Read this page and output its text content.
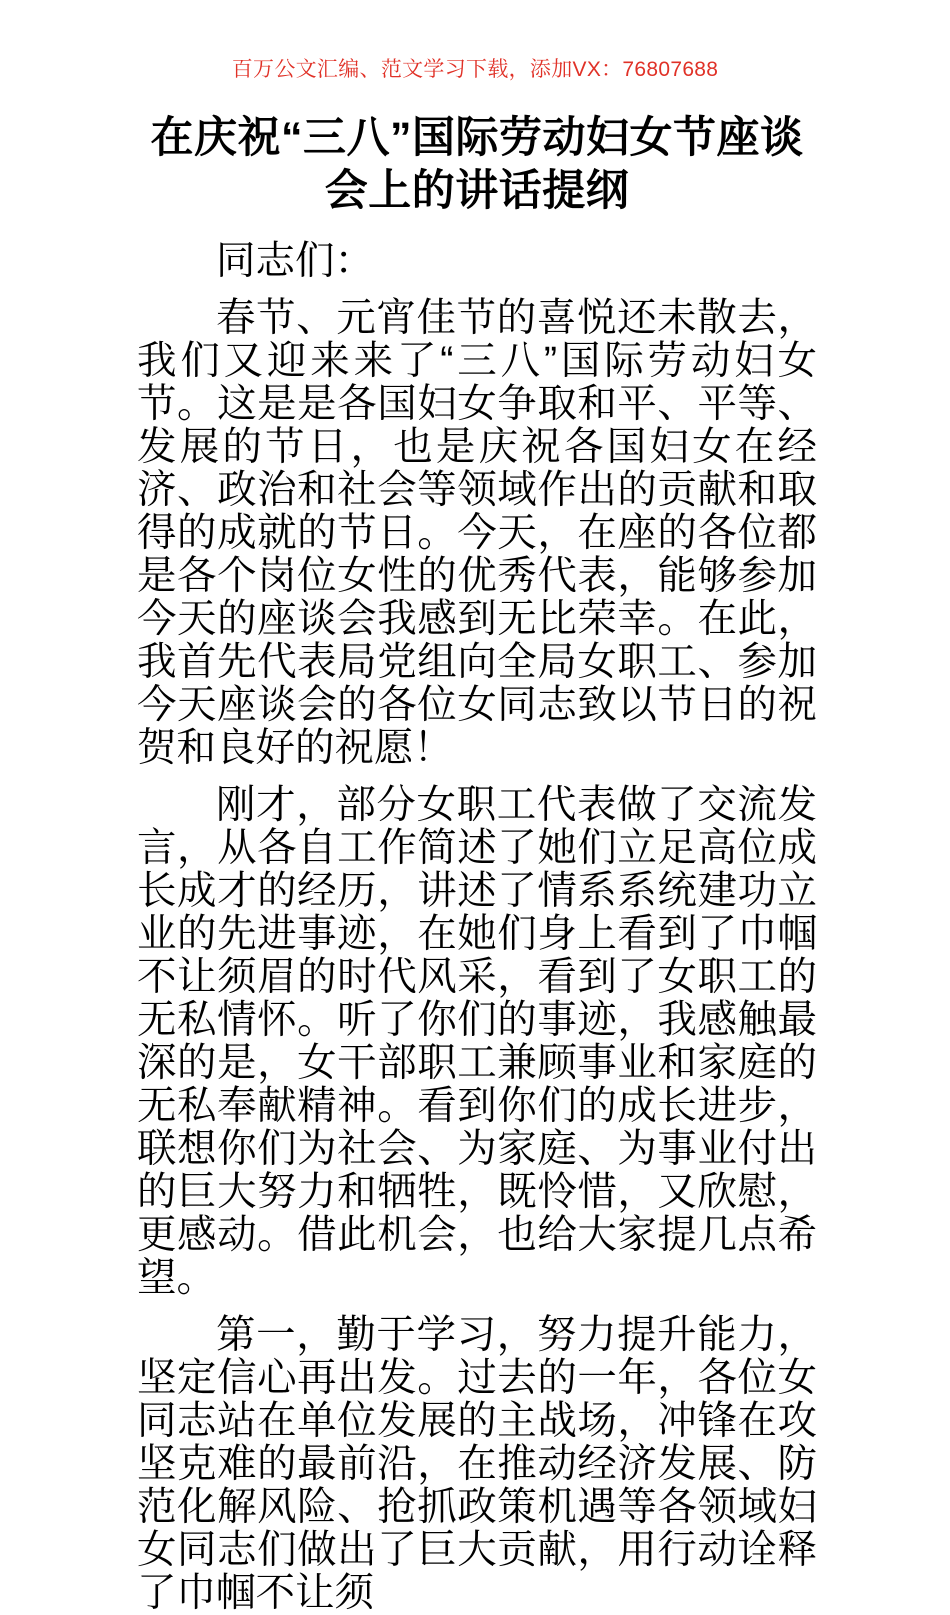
百万公文汇编、范文学习下载，添加VX：76807688
在庆祝“三八”国际劳动妇女节座谈会上的讲话提纲

同志们：

春节、元宵佳节的喜悦还未散去，我们又迎来来了“三八”国际劳动妇女节。这是是各国妇女争取和平、平等、发展的节日，也是庆祝各国妇女在经济、政治和社会等领域作出的贡献和取得的成就的节日。今天，在座的各位都是各个岗位女性的优秀代表，能够参加今天的座谈会我感到无比荣幸。在此，我首先代表局党组向全局女职工、参加今天座谈会的各位女同志致以节日的祝贺和良好的祝愿！

刚才，部分女职工代表做了交流发言，从各自工作简述了她们立足高位成长成才的经历，讲述了情系系统建功立业的先进事迹，在她们身上看到了巾帼不让须眉的时代风采，看到了女职工的无私情怀。听了你们的事迹，我感触最深的是，女干部职工兼顾事业和家庭的无私奉献精神。看到你们的成长进步，联想你们为社会、为家庭、为事业付出的巨大努力和牺牲，既怜惜，又欣慰，更感动。借此机会，也给大家提几点希望。

第一，勤于学习，努力提升能力，坚定信心再出发。过去的一年，各位女同志站在单位发展的主战场，冲锋在攻坚克难的最前沿，在推动经济发展、防范化解风险、抢抓政策机遇等各领域妇女同志们做出了巨大贡献，用行动诠释了巾帼不让须
